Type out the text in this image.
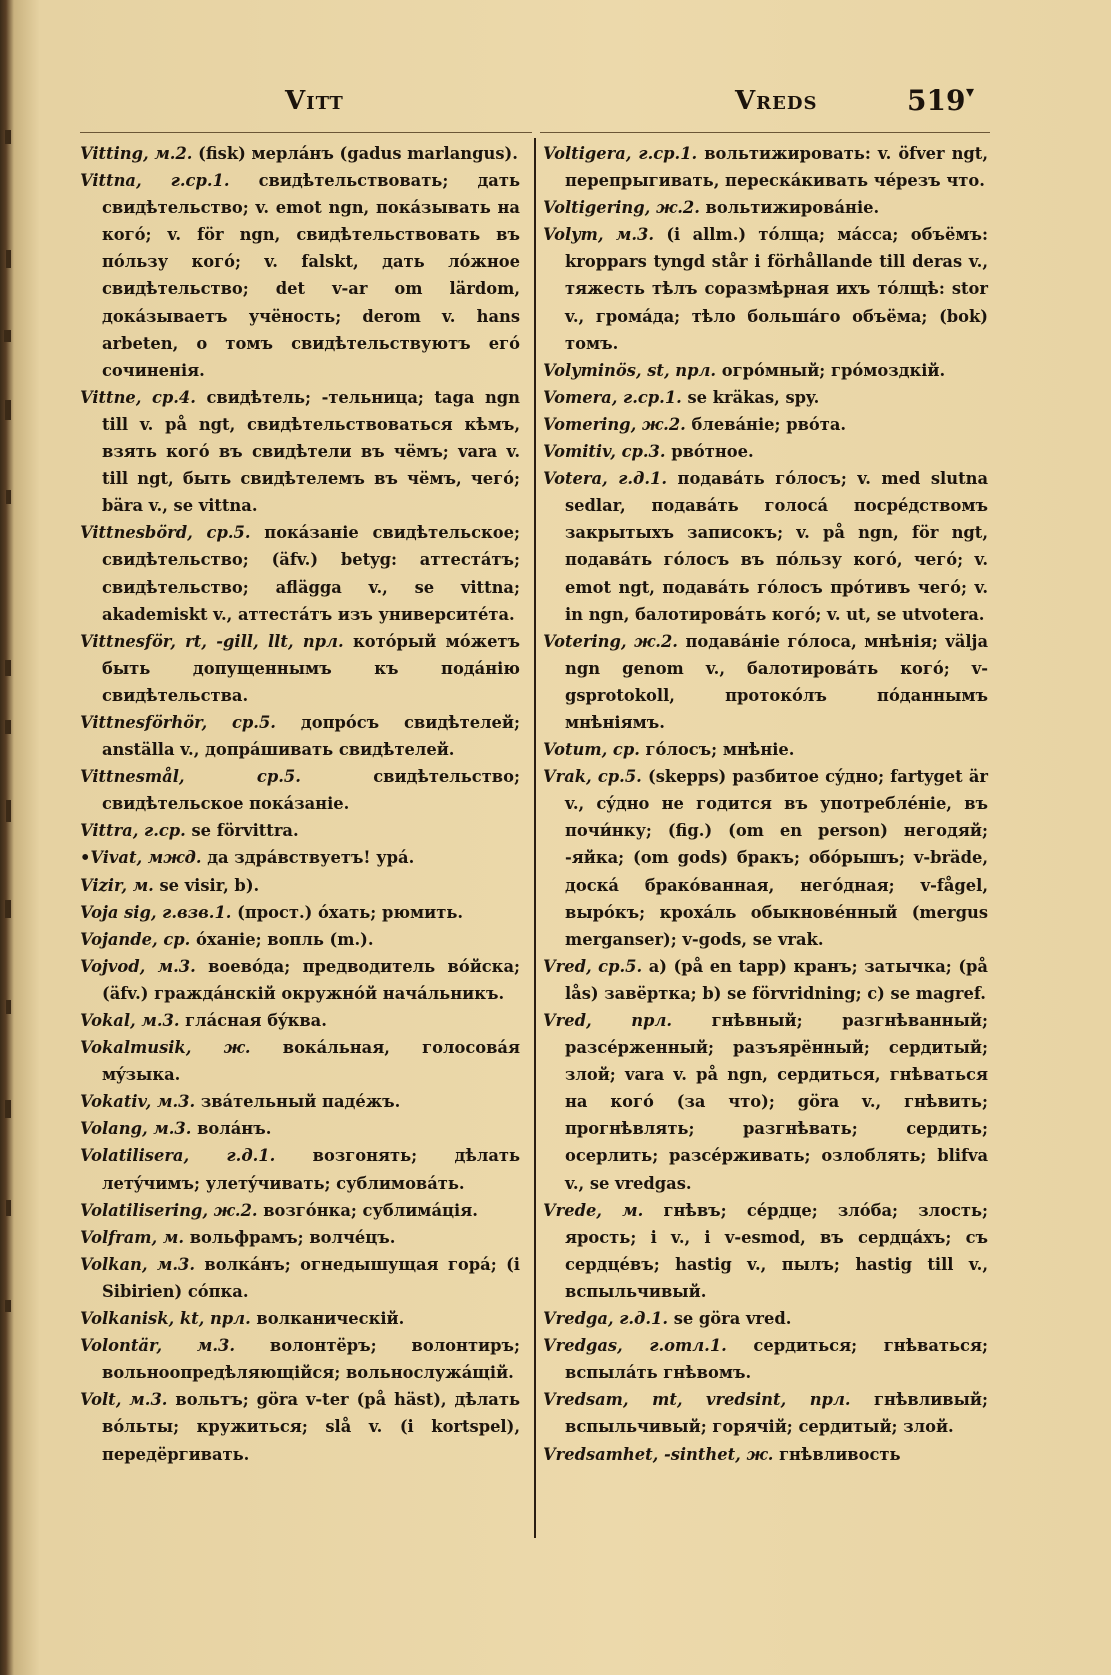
Vitt	Vreds	519 ▾

Vitting, м.2. (fisk) мерлáнъ (gadus marlangus).

Vittna, г.ср.1. свидѣтельствовать; дать свидѣтельство; v. emot ngn, покáзывать на когó; v. för ngn, свидѣтельствовать въ пóльзу когó; v. falskt, дать лóжное свидѣтельство; det v-ar om lärdom, докáзываетъ учёность; derom v. hans arbeten, о томъ свидѣтельствуютъ егó сочиненія.

Vittne, ср.4. свидѣтель; -тельница; taga ngn till v. på ngt, свидѣтельствоваться кѣмъ, взять когó въ свидѣтели въ чёмъ; vara v. till ngt, быть свидѣтелемъ въ чёмъ, чегó; bära v., se vittna.

Vittnesbörd, ср.5. покáзаніе свидѣтельское; свидѣтельство; (äfv.) betyg: аттестáтъ; свидѣтельство; aflägga v., se vittna; akademiskt v., аттестáтъ изъ университéта.

Vittnesför, rt, -gill, llt, прл. котóрый мóжетъ быть допущеннымъ къ подáнію свидѣтельства.

Vittnesförhör, ср.5. допрóсъ свидѣтелей; anställa v., допрáшивать свидѣтелей.

Vittnesmål, ср.5. свидѣтельство; свидѣтельское покáзаніе.

Vittra, г.ср. se förvittra.

•Vivat, мжд. да здрáвствуетъ! урá.

Vizir, м. se visir, b).

Voja sig, г.взв.1. (прост.) óхать; рюмить.

Vojande, ср. óханіе; вопль (m.).

Vojvod, м.3. воевóда; предводитель вóйска; (äfv.) граждáнскій окружнóй начáльникъ.

Vokal, м.3. глáсная бýква.

Vokalmusik, ж. вокáльная, голосовáя мýзыка.

Vokativ, м.3. звáтельный падéжъ.

Volang, м.3. волáнъ.

Volatilisera, г.д.1. возгонять; дѣлать летýчимъ; улетýчивать; сублимовáть.

Volatilisering, ж.2. возгóнка; сублимáція.

Volfram, м. вольфрамъ; волчéцъ.

Volkan, м.3. волкáнъ; огнедышущая горá; (i Sibirien) сóпка.

Volkanisk, kt, прл. волканическій.

Volontär, м.3. волонтёръ; волонтиръ; вольноопредѣляющійся; вольнослужáщій.

Volt, м.3. вольтъ; göra v-ter (på häst), дѣлать вóльты; кружиться; slå v. (i kortspel), передёргивать.

Voltigera, г.ср.1. вольтижировать: v. öfver ngt, перепрыгивать, перескáкивать чéрезъ что.

Voltigering, ж.2. вольтижировáніе.

Volym, м.3. (i allm.) тóлща; мáсса; объёмъ: kroppars tyngd står i förhållande till deras v., тяжесть тѣлъ соразмѣрная ихъ тóлщѣ: stor v., громáда; тѣло большáго объёма; (bok) томъ.

Volyminös, st, прл. огрóмный; грóмоздкій.

Vomera, г.ср.1. se kräkas, spy.

Vomering, ж.2. блевáніе; рвóта.

Vomitiv, ср.3. рвóтное.

Votera, г.д.1. подавáть гóлосъ; v. med slutna sedlar, подавáть голосá посрéдствомъ закрытыхъ запиcокъ; v. på ngn, för ngt, подавáть гóлосъ въ пóльзу когó, чегó; v. emot ngt, подавáть гóлосъ прóтивъ чегó; v. in ngn, балотировáть когó; v. ut, se utvotera.

Votering, ж.2. подавáніе гóлоса, мнѣнія; välja ngn genom v., балотировáть когó; v-gsprotokoll, протокóлъ пóданнымъ мнѣніямъ.

Votum, ср. гóлосъ; мнѣніе.

Vrak, ср.5. (skepps) разбитое сýдно; fartyget är v., сýдно не годится въ употреблéніе, въ почи́нку; (fig.) (om en person) негодяй; -яйка; (om gods) бракъ; обóрышъ; v-bräde, доскá бракóванная, негóдная; v-fågel, вырóкъ; крохáль обыкновéнный (mergus merganser); v-gods, se vrak.

Vred, ср.5. a) (på en tapp) кранъ; затычка; (på lås) завёртка; b) se förvridning; c) se magref.

Vred, прл. гнѣвный; разгнѣванный; разсéрженный; разъярённый; сердитый; злой; vara v. på ngn, сердиться, гнѣваться на когó (за что); göra v., гнѣвить; прогнѣвлять; разгнѣвать; сердить; осерлить; разсéрживать; озлоблять; blifva v., se vredgas.

Vrede, м. гнѣвъ; сéрдце; злóба; злость; ярость; i v., i v-esmod, въ сердцáхъ; съ сердцéвъ; hastig v., пылъ; hastig till v., вспыльчивый.

Vredga, г.д.1. se göra vred.

Vredgas, г.отл.1. сердиться; гнѣваться; вспылáть гнѣвомъ.

Vredsam, mt, vredsint, прл. гнѣвливый; вспыльчивый; горячій; сердитый; злой.

Vredsamhet, -sinthet, ж. гнѣвливость
